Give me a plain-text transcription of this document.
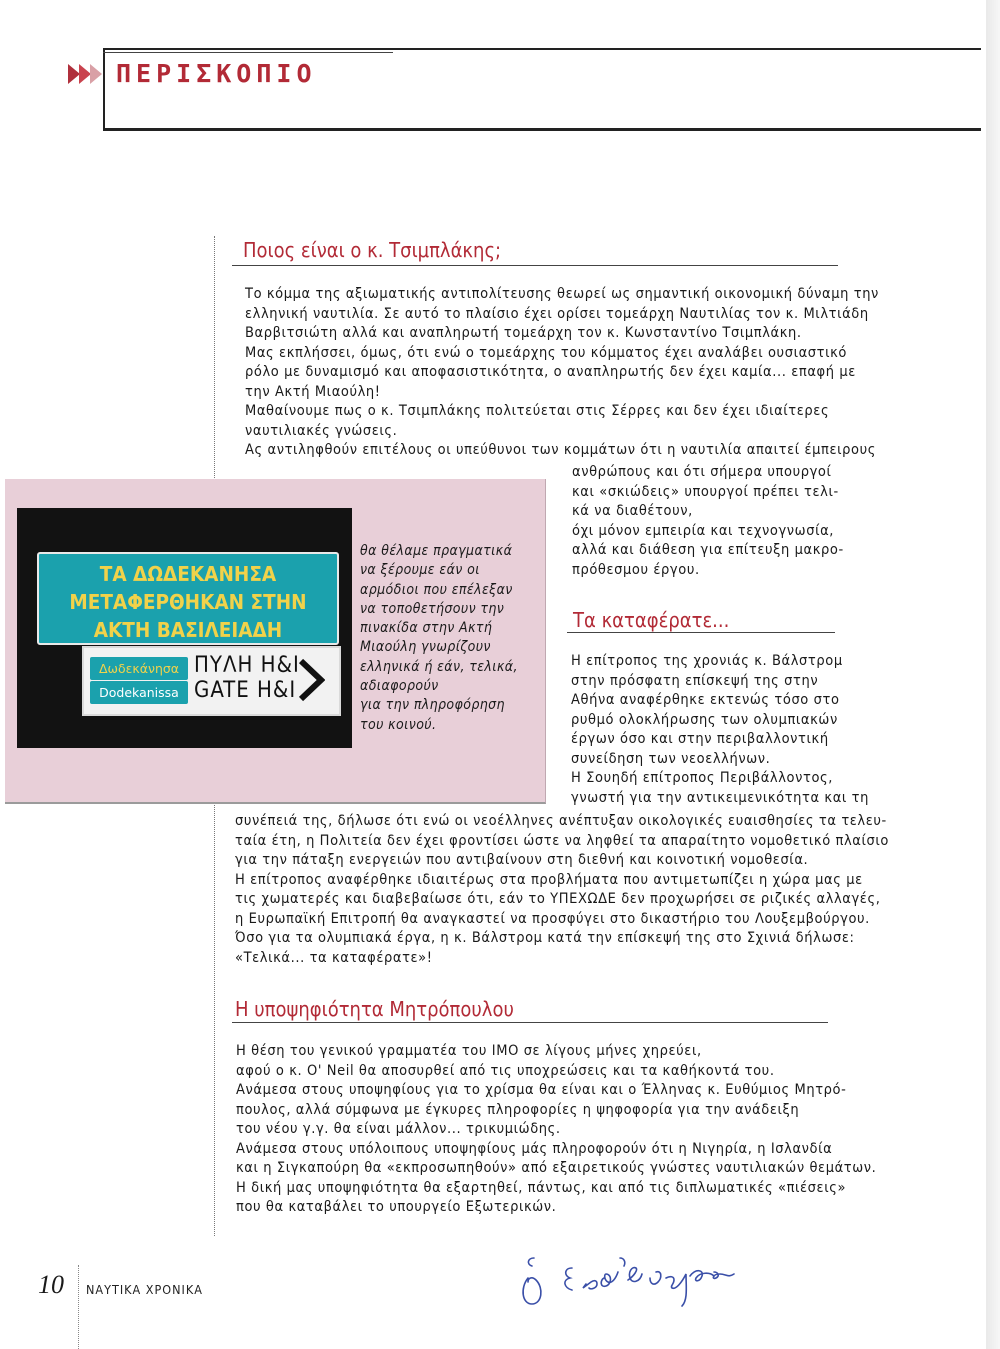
ΠΕΡΙΣΚΟΠΙΟ
Ποιος είναι ο κ. Τσιμπλάκης;
Το κόμμα της αξιωματικής αντιπολίτευσης θεωρεί ως σημαντική οικονομική δύναμη την
ελληνική ναυτιλία. Σε αυτό το πλαίσιο έχει ορίσει τομεάρχη Ναυτιλίας τον κ. Μιλτιάδη
Βαρβιτσιώτη αλλά και αναπληρωτή τομεάρχη τον κ. Κωνσταντίνο Τσιμπλάκη.
Μας εκπλήσσει, όμως, ότι ενώ ο τομεάρχης του κόμματος έχει αναλάβει ουσιαστικό
ρόλο με δυναμισμό και αποφασιστικότητα, ο αναπληρωτής δεν έχει καμία... επαφή με
την Ακτή Μιαούλη!
Μαθαίνουμε πως ο κ. Τσιμπλάκης πολιτεύεται στις Σέρρες και δεν έχει ιδιαίτερες
ναυτιλιακές γνώσεις.
Ας αντιληφθούν επιτέλους οι υπεύθυνοι των κομμάτων ότι η ναυτιλία απαιτεί έμπειρους
ανθρώπους και ότι σήμερα υπουργοί
και «σκιώδεις» υπουργοί πρέπει τελι-
κά να διαθέτουν,
όχι μόνον εμπειρία και τεχνογνωσία,
αλλά και διάθεση για επίτευξη μακρο-
πρόθεσμου έργου.
ΤΑ ΔΩΔΕΚΑΝΗΣΑ
ΜΕΤΑΦΕΡΘΗΚΑΝ ΣΤΗΝ
ΑΚΤΗ ΒΑΣΙΛΕΙΑΔΗ
Δωδεκάνησα
Dodekanissa
ΠΥΛΗ Η&Ι
GATE H&I
θα θέλαμε πραγματικά
να ξέρουμε εάν οι
αρμόδιοι που επέλεξαν
να τοποθετήσουν την
πινακίδα στην Ακτή
Μιαούλη γνωρίζουν
ελληνικά ή εάν, τελικά,
αδιαφορούν
για την πληροφόρηση
του κοινού.
Τα καταφέρατε...
Η επίτροπος της χρονιάς κ. Βάλστρομ
στην πρόσφατη επίσκεψή της στην
Αθήνα αναφέρθηκε εκτενώς τόσο στο
ρυθμό ολοκλήρωσης των ολυμπιακών
έργων όσο και στην περιβαλλοντική
συνείδηση των νεοελλήνων.
Η Σουηδή επίτροπος Περιβάλλοντος,
γνωστή για την αντικειμενικότητα και τη
συνέπειά της, δήλωσε ότι ενώ οι νεοέλληνες ανέπτυξαν οικολογικές ευαισθησίες τα τελευ-
ταία έτη, η Πολιτεία δεν έχει φροντίσει ώστε να ληφθεί τα απαραίτητο νομοθετικό πλαίσιο
για την πάταξη ενεργειών που αντιβαίνουν στη διεθνή και κοινοτική νομοθεσία.
Η επίτροπος αναφέρθηκε ιδιαιτέρως στα προβλήματα που αντιμετωπίζει η χώρα μας με
τις χωματερές και διαβεβαίωσε ότι, εάν το ΥΠΕΧΩΔΕ δεν προχωρήσει σε ριζικές αλλαγές,
η Ευρωπαϊκή Επιτροπή θα αναγκαστεί να προσφύγει στο δικαστήριο του Λουξεμβούργου.
Όσο για τα ολυμπιακά έργα, η κ. Βάλστρομ κατά την επίσκεψή της στο Σχινιά δήλωσε:
«Τελικά... τα καταφέρατε»!
Η υποψηφιότητα Μητρόπουλου
Η θέση του γενικού γραμματέα του ΙΜΟ σε λίγους μήνες χηρεύει,
αφού ο κ. Ο' Neil θα αποσυρθεί από τις υποχρεώσεις και τα καθήκοντά του.
Ανάμεσα στους υποψηφίους για το χρίσμα θα είναι και ο Έλληνας κ. Ευθύμιος Μητρό-
πουλος, αλλά σύμφωνα με έγκυρες πληροφορίες η ψηφοφορία για την ανάδειξη
του νέου γ.γ. θα είναι μάλλον... τρικυμιώδης.
Ανάμεσα στους υπόλοιπους υποψηφίους μάς πληροφορούν ότι η Νιγηρία, η Ισλανδία
και η Σιγκαπούρη θα «εκπροσωπηθούν» από εξαιρετικούς γνώστες ναυτιλιακών θεμάτων.
Η δική μας υποψηφιότητα θα εξαρτηθεί, πάντως, και από τις διπλωματικές «πιέσεις»
που θα καταβάλει το υπουργείο Εξωτερικών.
10 ΝΑΥΤΙΚΑ ΧΡΟΝΙΚΑ
